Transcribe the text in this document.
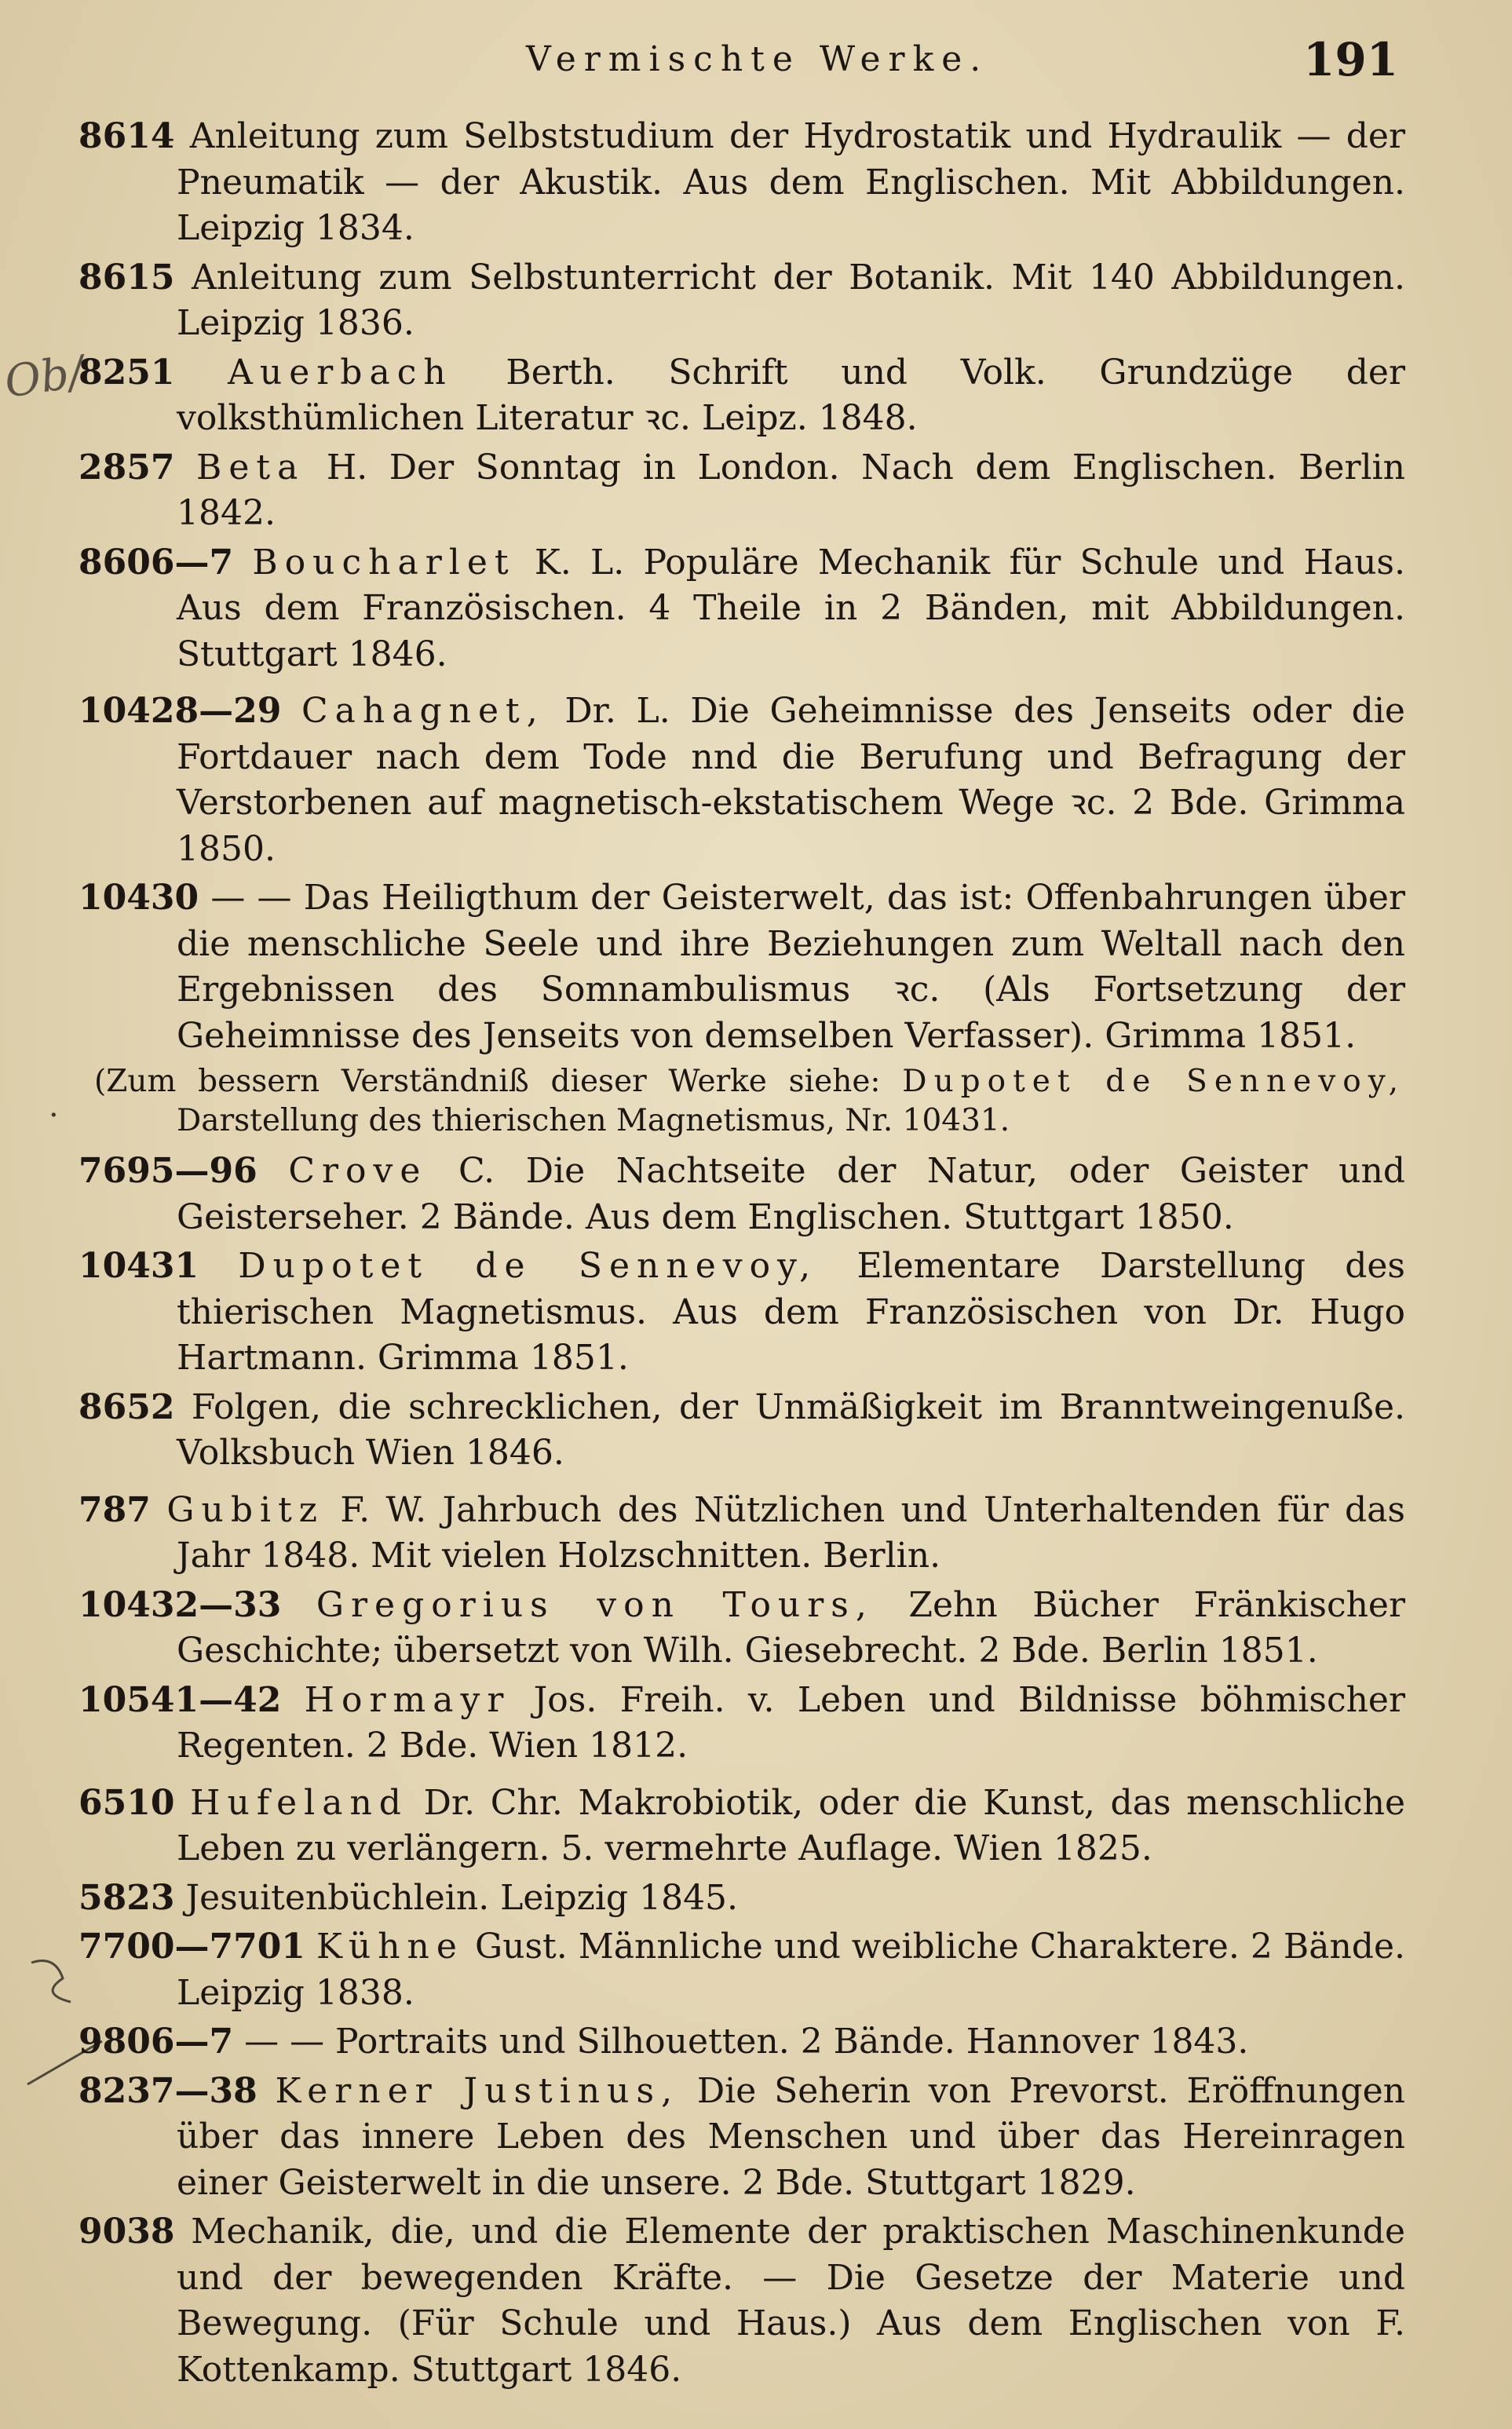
Vermischte Werke.	191
Ob/
·

8614 Anleitung zum Selbststudium der Hydrostatik und Hydraulik — der Pneumatik — der Akustik. Aus dem Englischen. Mit Abbildungen. Leipzig 1834.

8615 Anleitung zum Selbstunterricht der Botanik. Mit 140 Abbildungen. Leipzig 1836.

8251 Auerbach Berth. Schrift und Volk. Grundzüge der volksthümlichen Literatur ꝛc. Leipz. 1848.

2857 Beta H. Der Sonntag in London. Nach dem Englischen. Berlin 1842.

8606—7 Boucharlet K. L. Populäre Mechanik für Schule und Haus. Aus dem Französischen. 4 Theile in 2 Bänden, mit Abbildungen. Stuttgart 1846.

10428—29 Cahagnet, Dr. L. Die Geheimnisse des Jenseits oder die Fortdauer nach dem Tode nnd die Berufung und Befragung der Verstorbenen auf magnetisch-ekstatischem Wege ꝛc. 2 Bde. Grimma 1850.

10430 — — Das Heiligthum der Geisterwelt, das ist: Offenbahrungen über die menschliche Seele und ihre Beziehungen zum Weltall nach den Ergebnissen des Somnambulismus ꝛc. (Als Fortsetzung der Geheimnisse des Jenseits von demselben Verfasser). Grimma 1851.

(Zum bessern Verständniß dieser Werke siehe: Dupotet de Sennevoy, Darstellung des thierischen Magnetismus, Nr. 10431.

7695—96 Crove C. Die Nachtseite der Natur, oder Geister und Geisterseher. 2 Bände. Aus dem Englischen. Stuttgart 1850.

10431 Dupotet de Sennevoy, Elementare Darstellung des thierischen Magnetismus. Aus dem Französischen von Dr. Hugo Hartmann. Grimma 1851.

8652 Folgen, die schrecklichen, der Unmäßigkeit im Branntweingenuße. Volksbuch Wien 1846.

787 Gubitz F. W. Jahrbuch des Nützlichen und Unterhaltenden für das Jahr 1848. Mit vielen Holzschnitten. Berlin.

10432—33 Gregorius von Tours, Zehn Bücher Fränkischer Geschichte; übersetzt von Wilh. Giesebrecht. 2 Bde. Berlin 1851.

10541—42 Hormayr Jos. Freih. v. Leben und Bildnisse böhmischer Regenten. 2 Bde. Wien 1812.

6510 Hufeland Dr. Chr. Makrobiotik, oder die Kunst, das menschliche Leben zu verlängern. 5. vermehrte Auflage. Wien 1825.

5823 Jesuitenbüchlein. Leipzig 1845.

7700—7701 Kühne Gust. Männliche und weibliche Charaktere. 2 Bände. Leipzig 1838.

9806—7 — — Portraits und Silhouetten. 2 Bände. Hannover 1843.

8237—38 Kerner Justinus, Die Seherin von Prevorst. Eröffnungen über das innere Leben des Menschen und über das Hereinragen einer Geisterwelt in die unsere. 2 Bde. Stuttgart 1829.

9038 Mechanik, die, und die Elemente der praktischen Maschinenkunde und der bewegenden Kräfte. — Die Gesetze der Materie und Bewegung. (Für Schule und Haus.) Aus dem Englischen von F. Kottenkamp. Stuttgart 1846.
